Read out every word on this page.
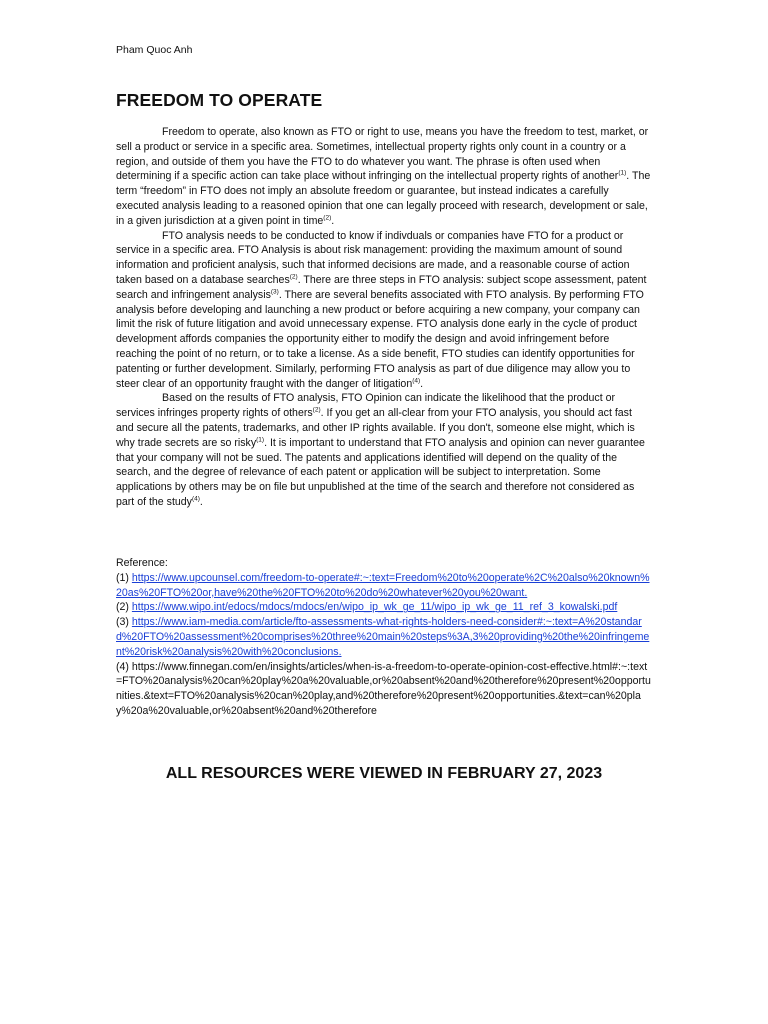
Pham Quoc Anh
FREEDOM TO OPERATE

Freedom to operate, also known as FTO or right to use, means you have the freedom to test, market, or sell a product or service in a specific area. Sometimes, intellectual property rights only count in a country or a region, and outside of them you have the FTO to do whatever you want. The phrase is often used when determining if a specific action can take place without infringing on the intellectual property rights of another$^{(1)}$. The term “freedom” in FTO does not imply an absolute freedom or guarantee, but instead indicates a carefully executed analysis leading to a reasoned opinion that one can legally proceed with research, development or sale, in a given jurisdiction at a given point in time$^{(2)}$.

FTO analysis needs to be conducted to know if indivduals or companies have FTO for a product or service in a specific area. FTO Analysis is about risk management: providing the maximum amount of sound information and proficient analysis, such that informed decisions are made, and a reasonable course of action taken based on a database searches$^{(2)}$. There are three steps in FTO analysis: subject scope assessment, patent search and infringement analysis$^{(3)}$. There are several benefits associated with FTO analysis. By performing FTO analysis before developing and launching a new product or before acquiring a new company, your company can limit the risk of future litigation and avoid unnecessary expense. FTO analysis done early in the cycle of product development affords companies the opportunity either to modify the design and avoid infringement before reaching the point of no return, or to take a license. As a side benefit, FTO studies can identify opportunities for patenting or further development. Similarly, performing FTO analysis as part of due diligence may allow you to steer clear of an opportunity fraught with the danger of litigation$^{(4)}$.

Based on the results of FTO analysis, FTO Opinion can indicate the likelihood that the product or services infringes property rights of others$^{(2)}$. If you get an all-clear from your FTO analysis, you should act fast and secure all the patents, trademarks, and other IP rights available. If you don't, someone else might, which is why trade secrets are so risky$^{(1)}$. It is important to understand that FTO analysis and opinion can never guarantee that your company will not be sued. The patents and applications identified will depend on the quality of the search, and the degree of relevance of each patent or application will be subject to interpretation. Some applications by others may be on file but unpublished at the time of the search and therefore not considered as part of the study$^{(4)}$.

Reference:
(1) https://www.upcounsel.com/freedom-to-operate#:~:text=Freedom%20to%20operate%2C%20also%20known%20as%20FTO%20or,have%20the%20FTO%20to%20do%20whatever%20you%20want.
(2) https://www.wipo.int/edocs/mdocs/mdocs/en/wipo_ip_wk_ge_11/wipo_ip_wk_ge_11_ref_3_kowalski.pdf
(3) https://www.iam-media.com/article/fto-assessments-what-rights-holders-need-consider#:~:text=A%20standard%20FTO%20assessment%20comprises%20three%20main%20steps%3A,3%20providing%20the%20infringement%20risk%20analysis%20with%20conclusions.
(4) https://www.finnegan.com/en/insights/articles/when-is-a-freedom-to-operate-opinion-cost-effective.html#:~:text=FTO%20analysis%20can%20play%20a%20valuable,or%20absent%20and%20therefore%20present%20opportunities.&text=FTO%20analysis%20can%20play,and%20therefore%20present%20opportunities.&text=can%20play%20a%20valuable,or%20absent%20and%20therefore
ALL RESOURCES WERE VIEWED IN FEBRUARY 27, 2023
